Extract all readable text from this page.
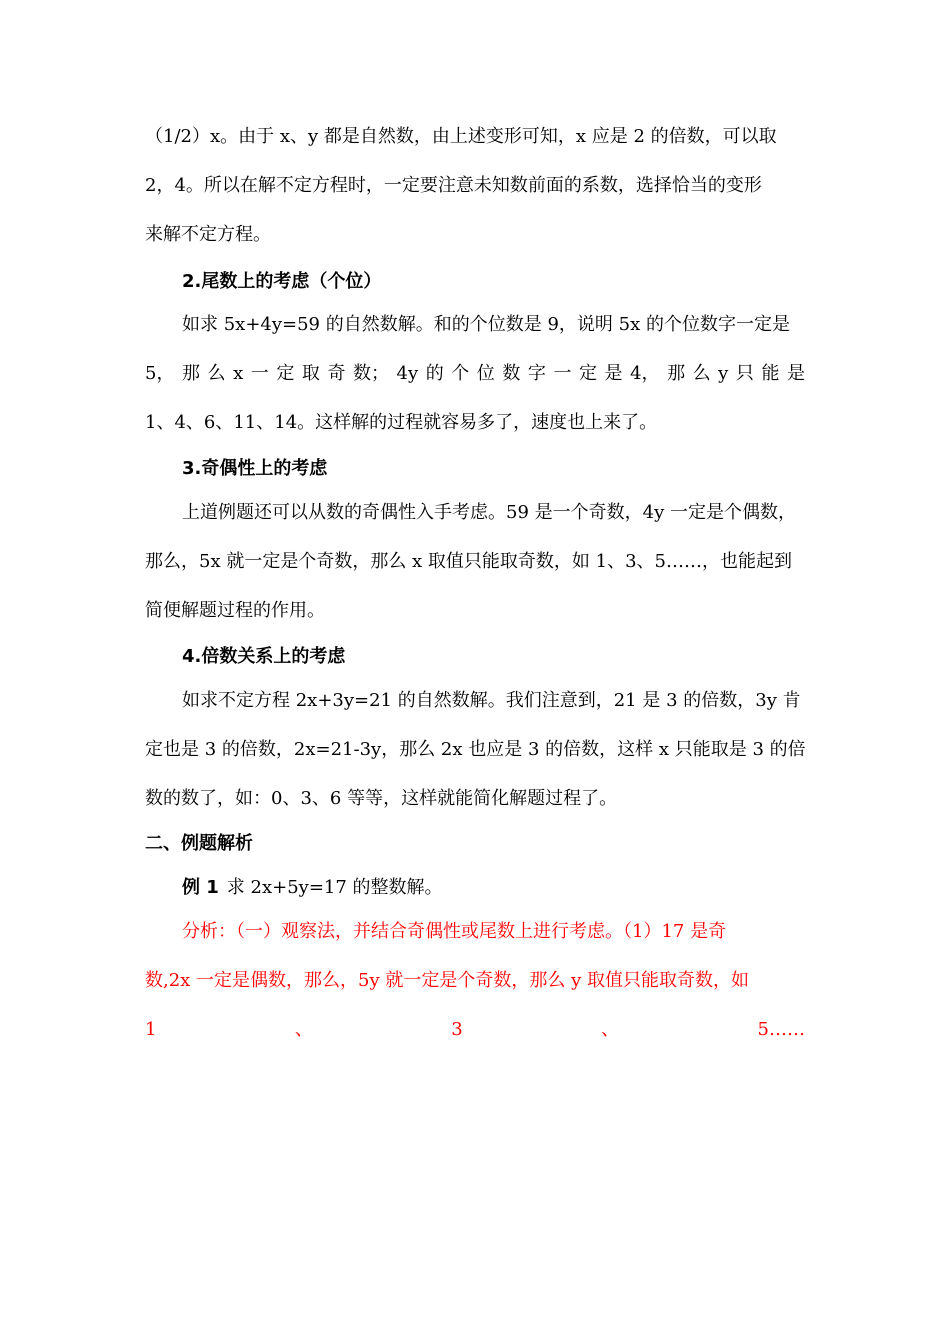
（1/2）x。由于 x、y 都是自然数，由上述变形可知，x 应是 2 的倍数，可以取
2，4。所以在解不定方程时，一定要注意未知数前面的系数，选择恰当的变形
来解不定方程。
2.尾数上的考虑（个位）
如求 5x+4y=59 的自然数解。和的个位数是 9，说明 5x 的个位数字一定是
5， 那 么 x 一 定 取 奇 数； 4y 的 个 位 数 字 一 定 是 4， 那 么 y 只 能 是
1、4、6、11、14。这样解的过程就容易多了，速度也上来了。
3.奇偶性上的考虑
上道例题还可以从数的奇偶性入手考虑。59 是一个奇数，4y 一定是个偶数，
那么，5x 就一定是个奇数，那么 x 取值只能取奇数，如 1、3、5……，也能起到
简便解题过程的作用。
4.倍数关系上的考虑
如求不定方程 2x+3y=21 的自然数解。我们注意到，21 是 3 的倍数，3y 肯
定也是 3 的倍数，2x=21-3y，那么 2x 也应是 3 的倍数，这样 x 只能取是 3 的倍
数的数了，如：0、3、6 等等，这样就能简化解题过程了。
二、例题解析
例 1 求 2x+5y=17 的整数解。
分析：（一）观察法，并结合奇偶性或尾数上进行考虑。（1）17 是奇
数,2x 一定是偶数，那么，5y 就一定是个奇数，那么 y 取值只能取奇数，如
1	、	3	、	5……
